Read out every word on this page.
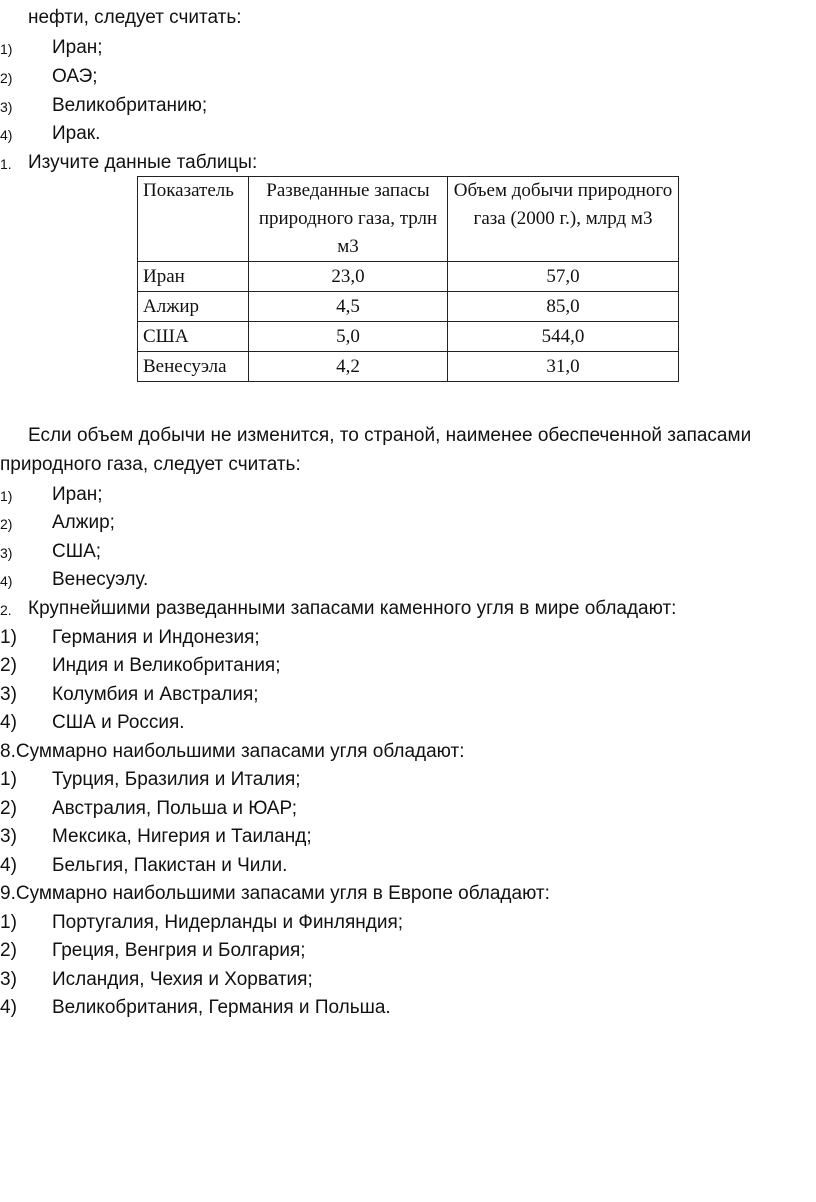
нефти, следует считать:
1) Иран;
2) ОАЭ;
3) Великобританию;
4) Ирак.
1. Изучите данные таблицы:
Показатель	Разведанные запасы природного газа, трлн м3	Объем добычи природного газа (2000 г.), млрд м3
Иран	23,0	57,0
Алжир	4,5	85,0
США	5,0	544,0
Венесуэла	4,2	31,0
Если объем добычи не изменится, то страной, наименее обеспеченной запасами
природного газа, следует считать:
1) Иран;
2) Алжир;
3) США;
4) Венесуэлу.
2. Крупнейшими разведанными запасами каменного угля в мире обладают:
1) Германия и Индонезия;
2) Индия и Великобритания;
3) Колумбия и Австралия;
4) США и Россия.
8.Суммарно наибольшими запасами угля обладают:
1) Турция, Бразилия и Италия;
2) Австралия, Польша и ЮАР;
3) Мексика, Нигерия и Таиланд;
4) Бельгия, Пакистан и Чили.
9.Суммарно наибольшими запасами угля в Европе обладают:
1) Португалия, Нидерланды и Финляндия;
2) Греция, Венгрия и Болгария;
3) Исландия, Чехия и Хорватия;
4) Великобритания, Германия и Польша.
